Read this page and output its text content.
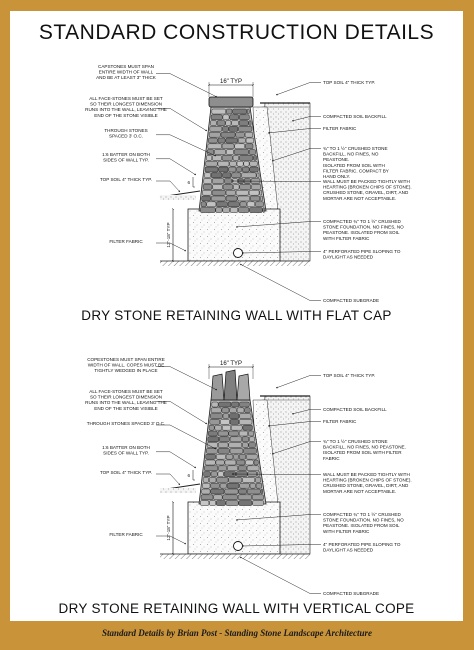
STANDARD CONSTRUCTION DETAILS
DRY STONE RETAINING WALL WITH FLAT CAP
DRY STONE RETAINING WALL WITH VERTICAL COPE
16" TYP
12"-18" TYP
6
CAPSTONES MUST SPAN ENTIRE WIDTH OF WALL AND BE AT LEAST 3" THICK
ALL FACE-STONES MUST BE SET SO THEIR LONGEST DIMENSION RUNS INTO THE WALL, LEAVING THE END OF THE STONE VISIBLE
THROUGH STONES SPACED 3' O.C.
1:6 BATTER ON BOTH SIDES OF WALL TYP.
TOP SOIL 4" THICK TYP.
FILTER FABRIC
TOP SOIL 4" THICK TYP.
COMPACTED SOIL BACKFILL
FILTER FABRIC
¾" TO 1 ½" CRUSHED STONE BACKFILL. NO FINES, NO PEASTONE. ISOLATED FROM SOIL WITH FILTER FABRIC. COMPACT BY HAND ONLY.
WALL MUST BE PACKED TIGHTLY WITH HEARTING (BROKEN CHIPS OF STONE). CRUSHED STONE, GRAVEL, DIRT, AND MORTAR ARE NOT ACCEPTABLE.
COMPACTED ¾" TO 1 ½" CRUSHED STONE FOUNDATION. NO FINES, NO PEASTONE. ISOLATED FROM SOIL WITH FILTER FABRIC
4" PERFORATED PIPE SLOPING TO DAYLIGHT AS NEEDED
COMPACTED SUBGRADE
16" TYP
12"-18" TYP
6
COPESTONES MUST SPAN ENTIRE WIDTH OF WALL. COPES MUST BE TIGHTLY WEDGED IN PLACE
ALL FACE-STONES MUST BE SET SO THEIR LONGEST DIMENSION RUNS INTO THE WALL, LEAVING THE END OF THE STONE VISIBLE
THROUGH STONES SPACED 3' O.C.
1:6 BATTER ON BOTH SIDES OF WALL TYP.
TOP SOIL 4" THICK TYP.
FILTER FABRIC
TOP SOIL 4" THICK TYP.
COMPACTED SOIL BACKFILL
FILTER FABRIC
¾" TO 1 ½" CRUSHED STONE BACKFILL. NO FINES, NO PEASTONE. ISOLATED FROM SOIL WITH FILTER FABRIC
WALL MUST BE PACKED TIGHTLY WITH HEARTING (BROKEN CHIPS OF STONE). CRUSHED STONE, GRAVEL, DIRT, AND MORTAR ARE NOT ACCEPTABLE.
COMPACTED ¾" TO 1 ½" CRUSHED STONE FOUNDATION. NO FINES, NO PEASTONE. ISOLATED FROM SOIL WITH FILTER FABRIC
4" PERFORATED PIPE SLOPING TO DAYLIGHT AS NEEDED
COMPACTED SUBGRADE
Standard Details by Brian Post - Standing Stone Landscape Architecture
